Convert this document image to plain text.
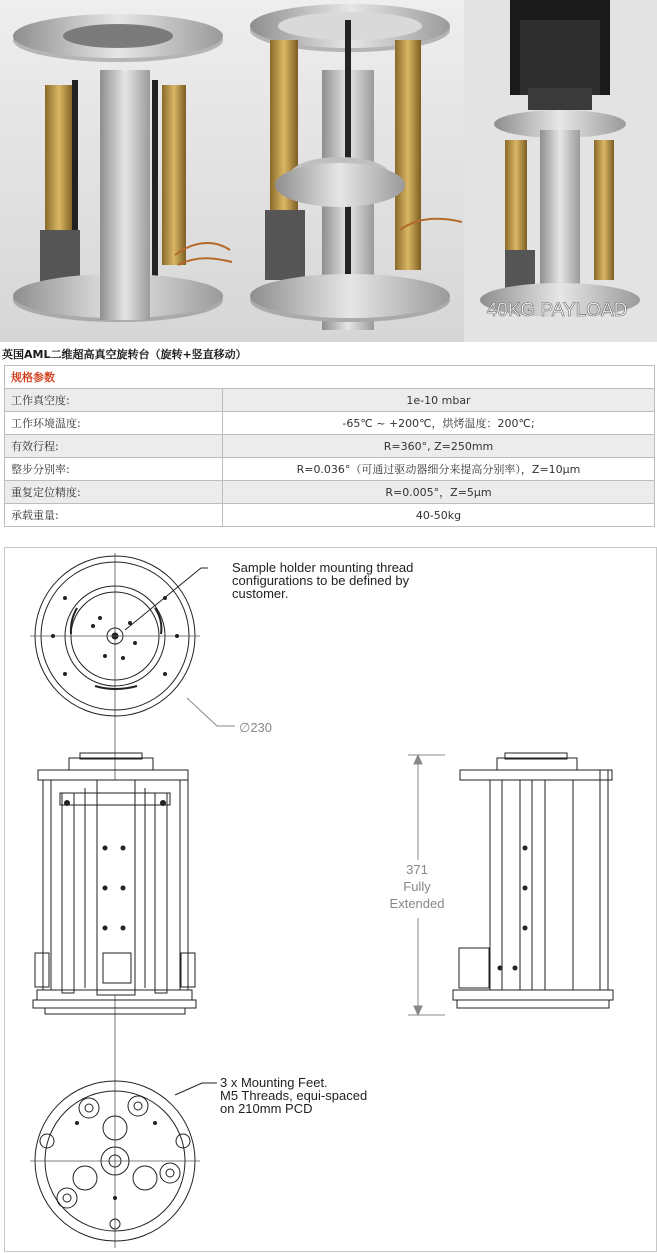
40KG PAYLOAD
英国AML二维超高真空旋转台（旋转+竖直移动）
规格参数	
工作真空度:	1e-10 mbar
工作环境温度:	-65℃ ~ +200℃，烘烤温度：200℃;
有效行程:	R=360°, Z=250mm
整步分别率:	R=0.036°（可通过驱动器细分来提高分别率），Z=10μm
重复定位精度:	R=0.005°，Z=5μm
承载重量:	40-50kg
Sample holder mounting thread
configurations to be defined by
customer.
∅230
371
Fully
Extended
3 x Mounting Feet.
M5 Threads, equi-spaced
on 210mm PCD
